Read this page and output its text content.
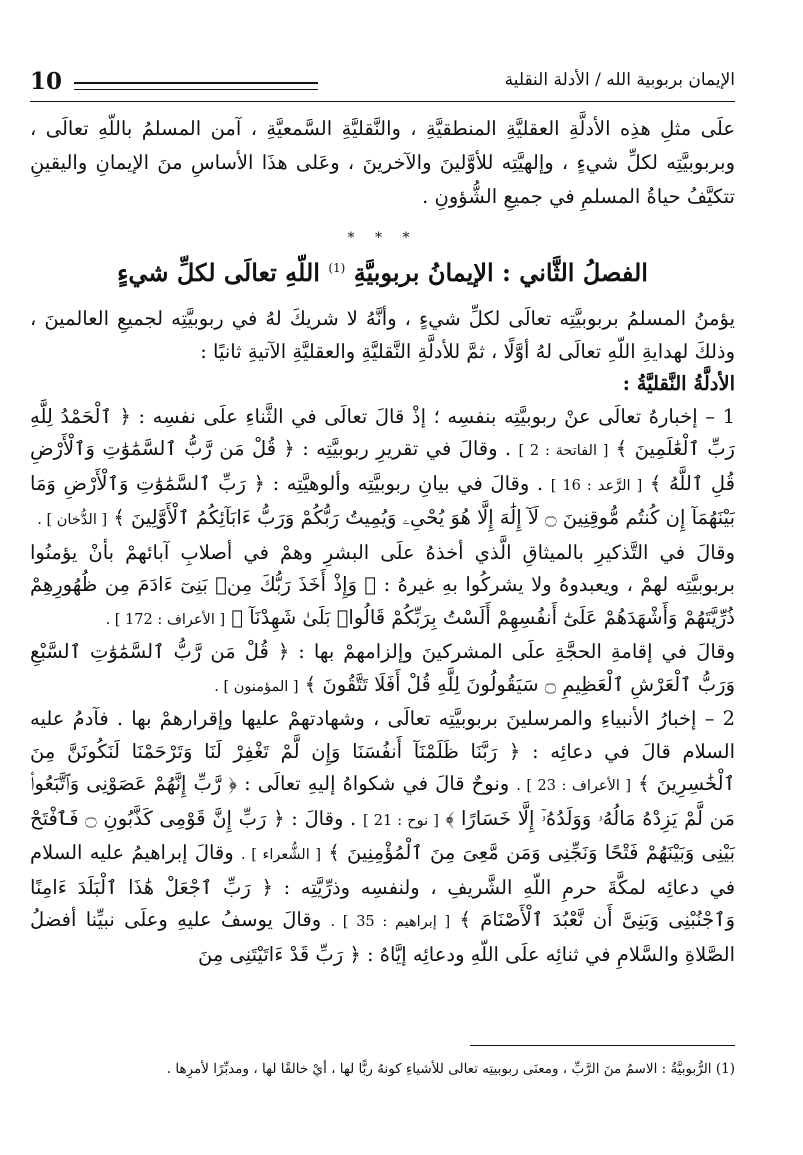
10	الإيمان بربوبية الله / الأدلة النقلية

علَى مثلِ هذِه الأدلَّةِ العقليَّةِ المنطقيَّةِ ، والنَّقليَّةِ السَّمعيَّةِ ، آمن المسلمُ باللّهِ تعالَى ، وبربوبيَّتِه لكلِّ شيءٍ ، وإلهيَّتِه للأوَّلينَ والآخرينَ ، وعَلى هذَا الأساسِ منَ الإيمانِ واليقينِ تتكيَّفُ حياةُ المسلمِ في جميعِ الشُّؤونِ .

* * *
الفصلُ الثَّاني : الإيمانُ بربوبيَّةِ $^{(1)}$ اللّهِ تعالَى لكلِّ شيءٍ

يؤمنُ المسلمُ بربوبيَّتِه تعالَى لكلِّ شيءٍ ، وأنَّهُ لا شريكَ لهُ في ربوبيَّتِه لجميعِ العالمينَ ، وذلكَ لهدايةِ اللّهِ تعالَى لهُ أوَّلًا ، ثمَّ للأدلَّةِ النَّقليَّةِ والعقليَّةِ الآتيةِ ثانيًا :

الأدلَّةُ النَّقليَّةُ :

1 – إخبارهُ تعالَى عنْ ربوبيَّتِه بنفسِه ؛ إذْ قالَ تعالَى في الثَّناءِ علَى نفسِه : ﴿ ٱلْحَمْدُ لِلَّهِ رَبِّ ٱلْعَٰلَمِينَ ﴾ [ الفاتحة : 2 ] . وقالَ في تقريرِ ربوبيَّتِه : ﴿ قُلْ مَن رَّبُّ ٱلسَّمَٰوَٰتِ وَٱلْأَرْضِ قُلِ ٱللَّهُ ﴾ [ الرَّعد : 16 ] . وقالَ في بيانِ ربوبيَّتِه وألوهيَّتِه : ﴿ رَبِّ ٱلسَّمَٰوَٰتِ وَٱلْأَرْضِ وَمَا بَيْنَهُمَآ إِن كُنتُم مُّوقِنِينَ ۝ لَآ إِلَٰهَ إِلَّا هُوَ يُحْىِۦ وَيُمِيتُ رَبُّكُمْ وَرَبُّ ءَابَآئِكُمُ ٱلْأَوَّلِينَ ﴾ [ الدُّخان ] .

وقالَ في التَّذكيرِ بالميثاقِ الَّذي أخذهُ علَى البشرِ وهمْ في أصلابِ آبائهمْ بأنْ يؤمنُوا بربوبيَّتِه لهمْ ، ويعبدوهُ ولا يشركُوا بهِ غيرهُ : ﴿ وَإِذْ أَخَذَ رَبُّكَ مِنۢ بَنِىٓ ءَادَمَ مِن ظُهُورِهِمْ ذُرِّيَّتَهُمْ وَأَشْهَدَهُمْ عَلَىٰٓ أَنفُسِهِمْ أَلَسْتُ بِرَبِّكُمْ قَالُوا۟ بَلَىٰ شَهِدْنَآ ﴾ [ الأعراف : 172 ] .

وقالَ في إقامةِ الحجَّةِ علَى المشركينَ وإلزامهمْ بها : ﴿ قُلْ مَن رَّبُّ ٱلسَّمَٰوَٰتِ ٱلسَّبْعِ وَرَبُّ ٱلْعَرْشِ ٱلْعَظِيمِ ۝ سَيَقُولُونَ لِلَّهِ قُلْ أَفَلَا تَتَّقُونَ ﴾ [ المؤمنون ] .

2 – إخبارُ الأنبياءِ والمرسلينَ بربوبيَّتِه تعالَى ، وشهادتهمْ عليها وإقرارهمْ بها . فآدمُ عليه السلام قالَ في دعائِه : ﴿ رَبَّنَا ظَلَمْنَآ أَنفُسَنَا وَإِن لَّمْ تَغْفِرْ لَنَا وَتَرْحَمْنَا لَنَكُونَنَّ مِنَ ٱلْخَٰسِرِينَ ﴾ [ الأعراف : 23 ] . ونوحٌ قالَ في شكواهُ إليهِ تعالَى : ﴿ رَّبِّ إِنَّهُمْ عَصَوْنِى وَٱتَّبَعُوا۟ مَن لَّمْ يَزِدْهُ مَالُهُۥ وَوَلَدُهُۥٓ إِلَّا خَسَارًا ﴾ [ نوح : 21 ] . وقالَ : ﴿ رَبِّ إِنَّ قَوْمِى كَذَّبُونِ ۝ فَٱفْتَحْ بَيْنِى وَبَيْنَهُمْ فَتْحًا وَنَجِّنِى وَمَن مَّعِىَ مِنَ ٱلْمُؤْمِنِينَ ﴾ [ الشُّعراء ] . وقالَ إبراهيمُ عليه السلام في دعائِه لمكَّةَ حرمِ اللّهِ الشَّريفِ ، ولنفسِه وذرِّيَّتِه : ﴿ رَبِّ ٱجْعَلْ هَٰذَا ٱلْبَلَدَ ءَامِنًا وَٱجْنُبْنِى وَبَنِىَّ أَن نَّعْبُدَ ٱلْأَصْنَامَ ﴾ [ إبراهيم : 35 ] . وقالَ يوسفُ عليهِ وعلَى نبيِّنا أفضلُ الصَّلاةِ والسَّلامِ في ثنائِه علَى اللّهِ ودعائِه إيَّاهُ : ﴿ رَبِّ قَدْ ءَاتَيْتَنِى مِنَ

(1) الرُّبوبيَّةُ : الاسمُ منَ الرَّبِّ ، ومعنَى ربوبيتِه تعالى للأشياءِ كونهُ ربًّا لها ، أيْ خالقًا لها ، ومدبِّرًا لأمرِها .
